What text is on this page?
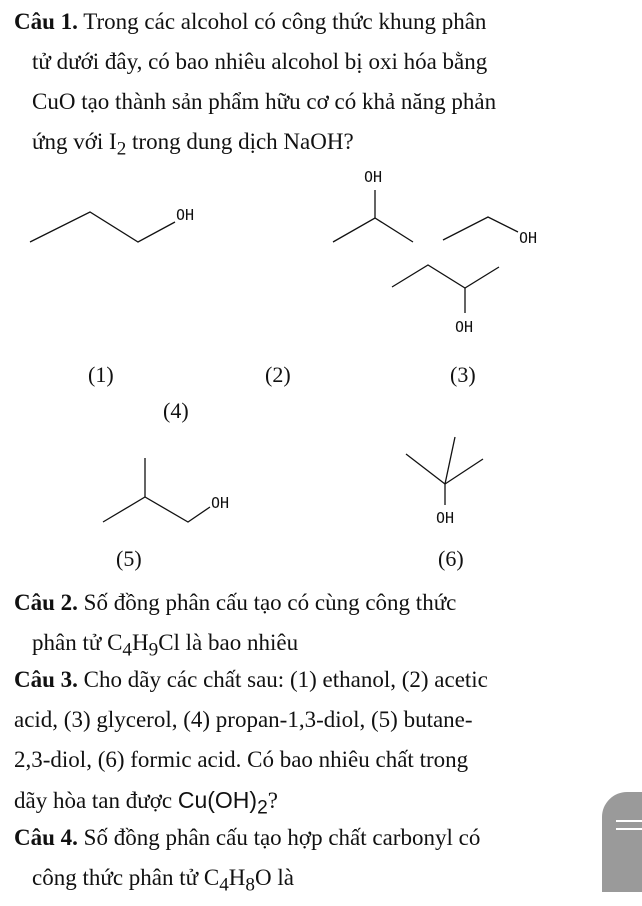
Câu 1. Trong các alcohol có công thức khung phân
tử dưới đây, có bao nhiêu alcohol bị oxi hóa bằng
CuO tạo thành sản phẩm hữu cơ có khả năng phản
ứng với $I_2$ trong dung dịch NaOH?
OH
OH
OH
OH
OH
OH
(1)	(2)	(3)
(4)
(5)	(6)
Câu 2. Số đồng phân cấu tạo có cùng công thức
phân tử $C_4H_9Cl$ là bao nhiêu
Câu 3. Cho dãy các chất sau: (1) ethanol, (2) acetic
acid, (3) glycerol, (4) propan-1,3-diol, (5) butane-
2,3-diol, (6) formic acid. Có bao nhiêu chất trong
dãy hòa tan được $Cu(OH)_2$?
Câu 4. Số đồng phân cấu tạo hợp chất carbonyl có
công thức phân tử $C_4H_8O$ là
